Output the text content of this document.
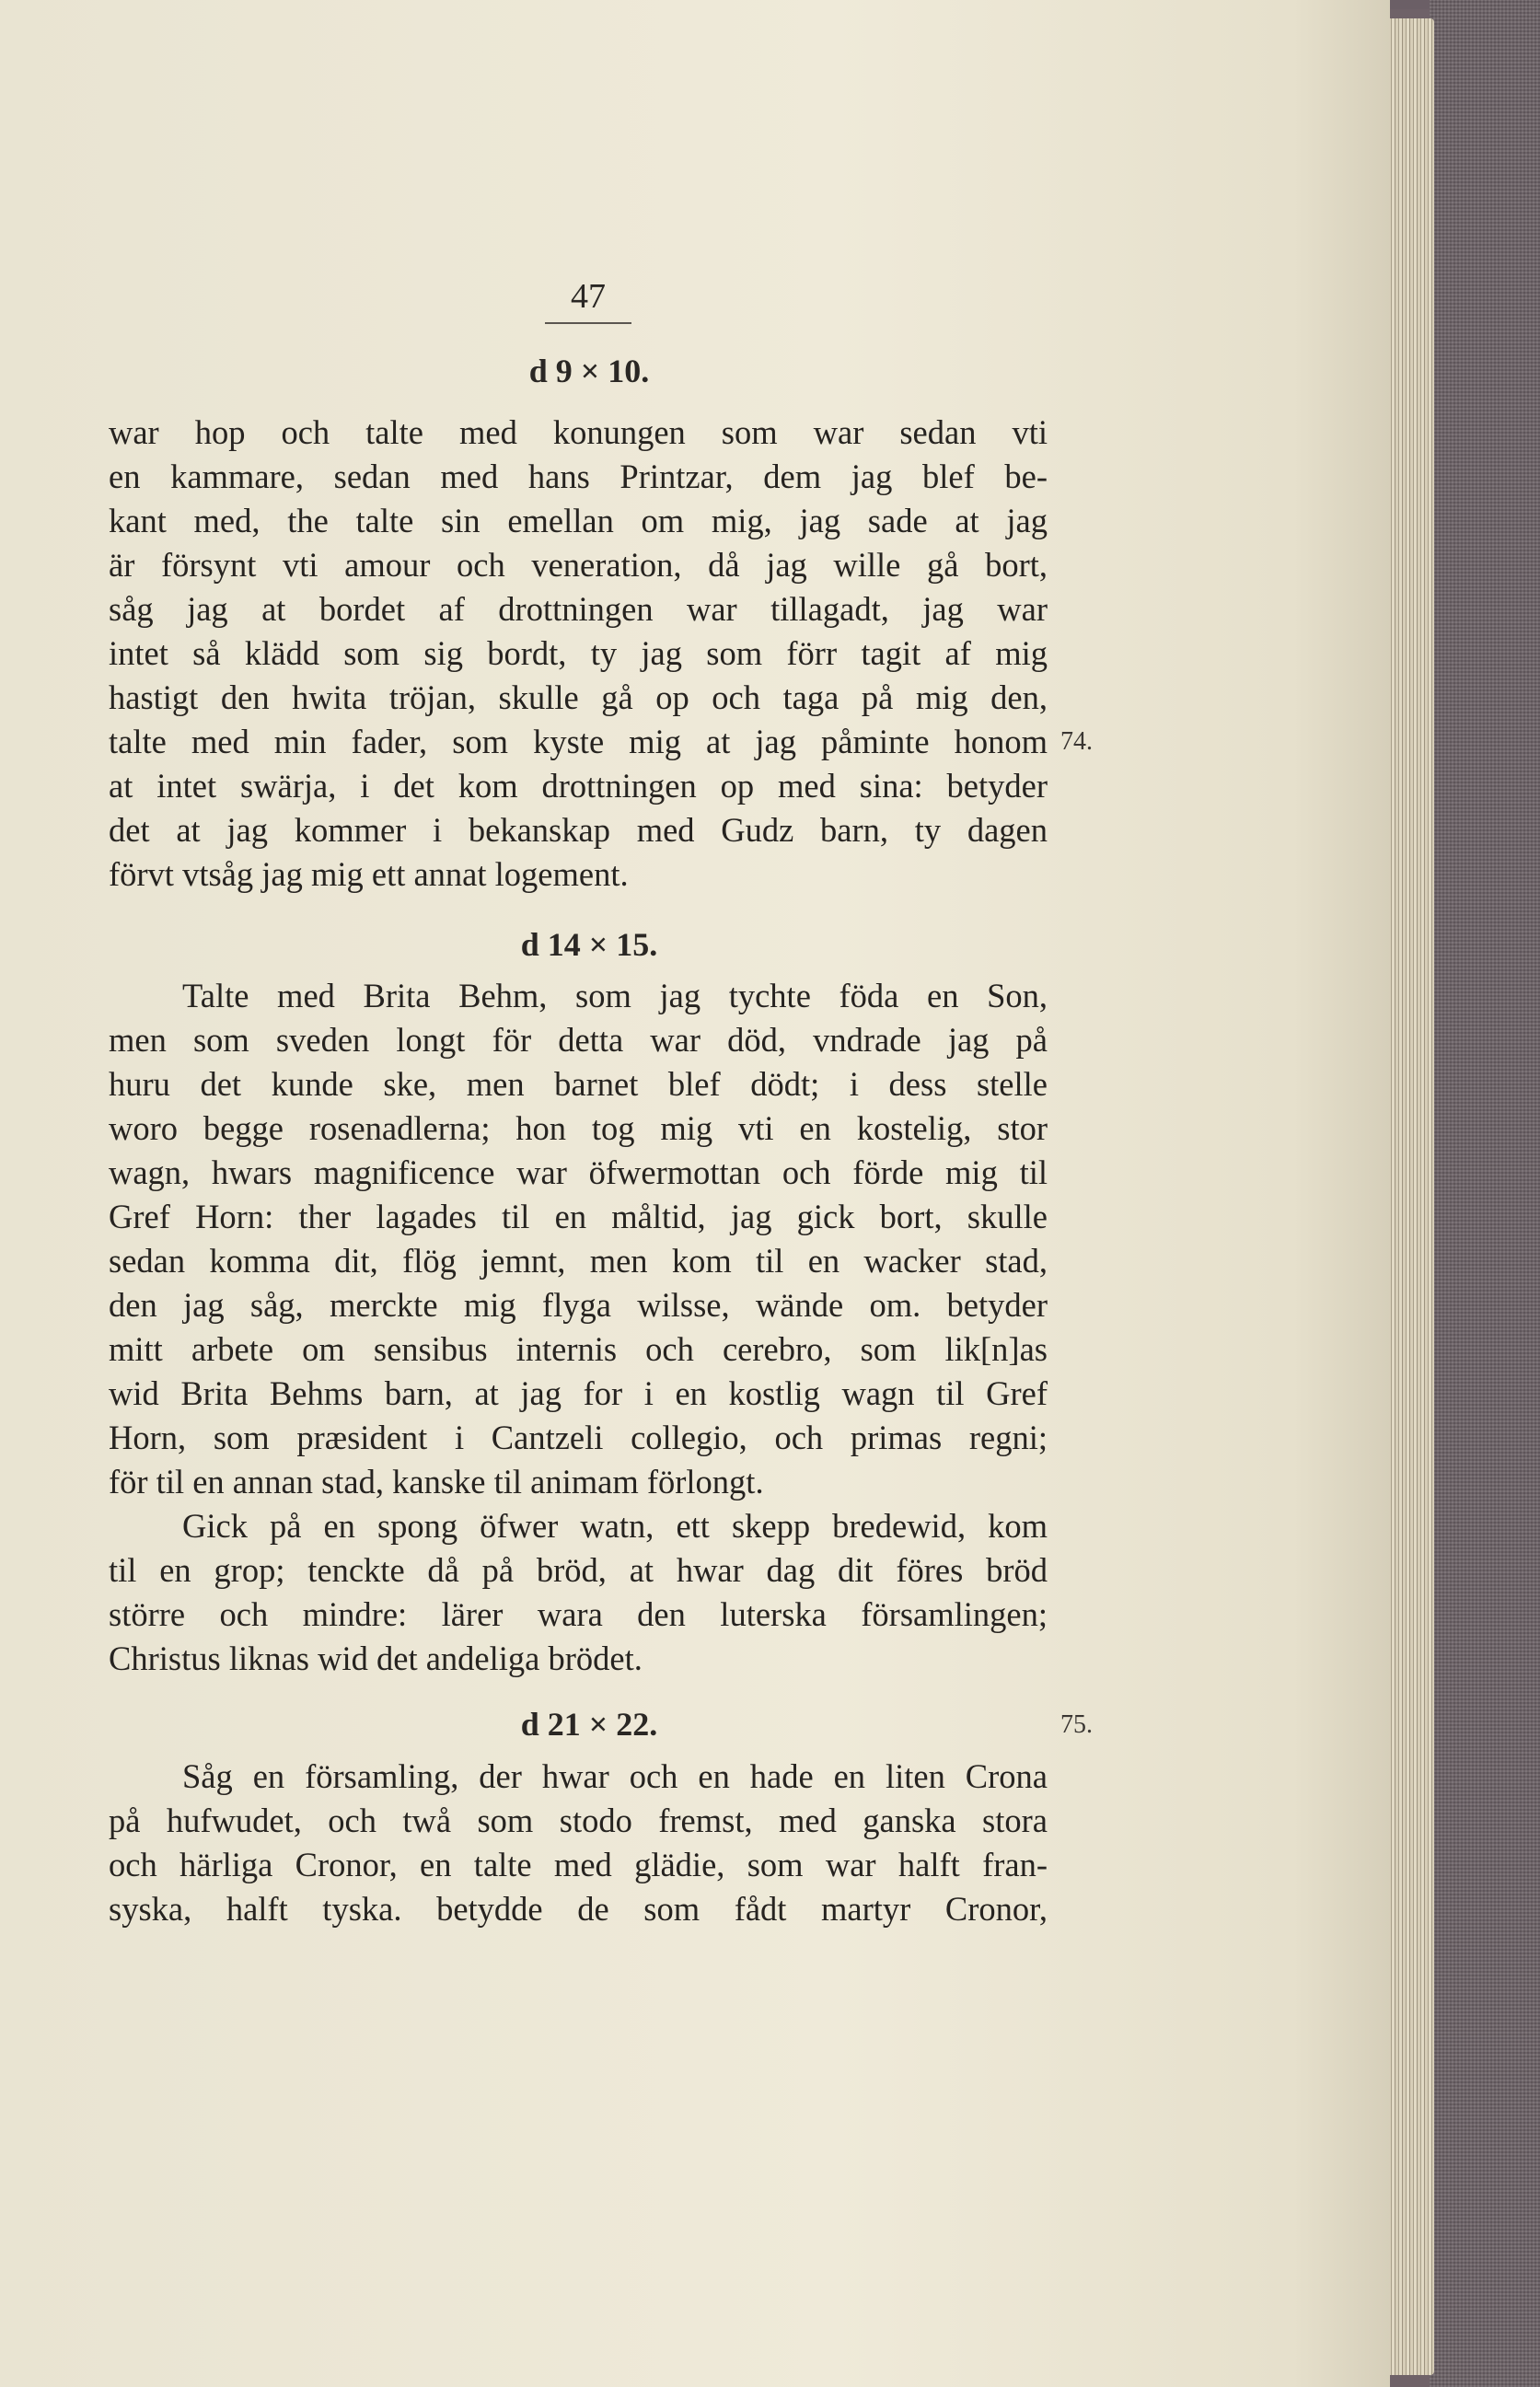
47
d 9 × 10.
war hop och talte med konungen som war sedan vti
en kammare, sedan med hans Printzar, dem jag blef be-
kant med, the talte sin emellan om mig, jag sade at jag
är försynt vti amour och veneration, då jag wille gå bort,
såg jag at bordet af drottningen war tillagadt, jag war
intet så klädd som sig bordt, ty jag som förr tagit af mig
hastigt den hwita tröjan, skulle gå op och taga på mig den,
talte med min fader, som kyste mig at jag påminte honom
at intet swärja, i det kom drottningen op med sina: betyder
det at jag kommer i bekanskap med Gudz barn, ty dagen
förvt vtsåg jag mig ett annat logement.
74.
d 14 × 15.
Talte med Brita Behm, som jag tychte föda en Son,
men som sveden longt för detta war död, vndrade jag på
huru det kunde ske, men barnet blef dödt; i dess stelle
woro begge rosenadlerna; hon tog mig vti en kostelig, stor
wagn, hwars magnificence war öfwermottan och förde mig til
Gref Horn: ther lagades til en måltid, jag gick bort, skulle
sedan komma dit, flög jemnt, men kom til en wacker stad,
den jag såg, merckte mig flyga wilsse, wände om. betyder
mitt arbete om sensibus internis och cerebro, som lik[n]as
wid Brita Behms barn, at jag for i en kostlig wagn til Gref
Horn, som præsident i Cantzeli collegio, och primas regni;
för til en annan stad, kanske til animam förlongt.
Gick på en spong öfwer watn, ett skepp bredewid, kom
til en grop; tenckte då på bröd, at hwar dag dit föres bröd
större och mindre: lärer wara den luterska församlingen;
Christus liknas wid det andeliga brödet.
d 21 × 22.	75.
Såg en församling, der hwar och en hade en liten Crona
på hufwudet, och twå som stodo fremst, med ganska stora
och härliga Cronor, en talte med glädie, som war halft fran-
syska, halft tyska. betydde de som fådt martyr Cronor,
